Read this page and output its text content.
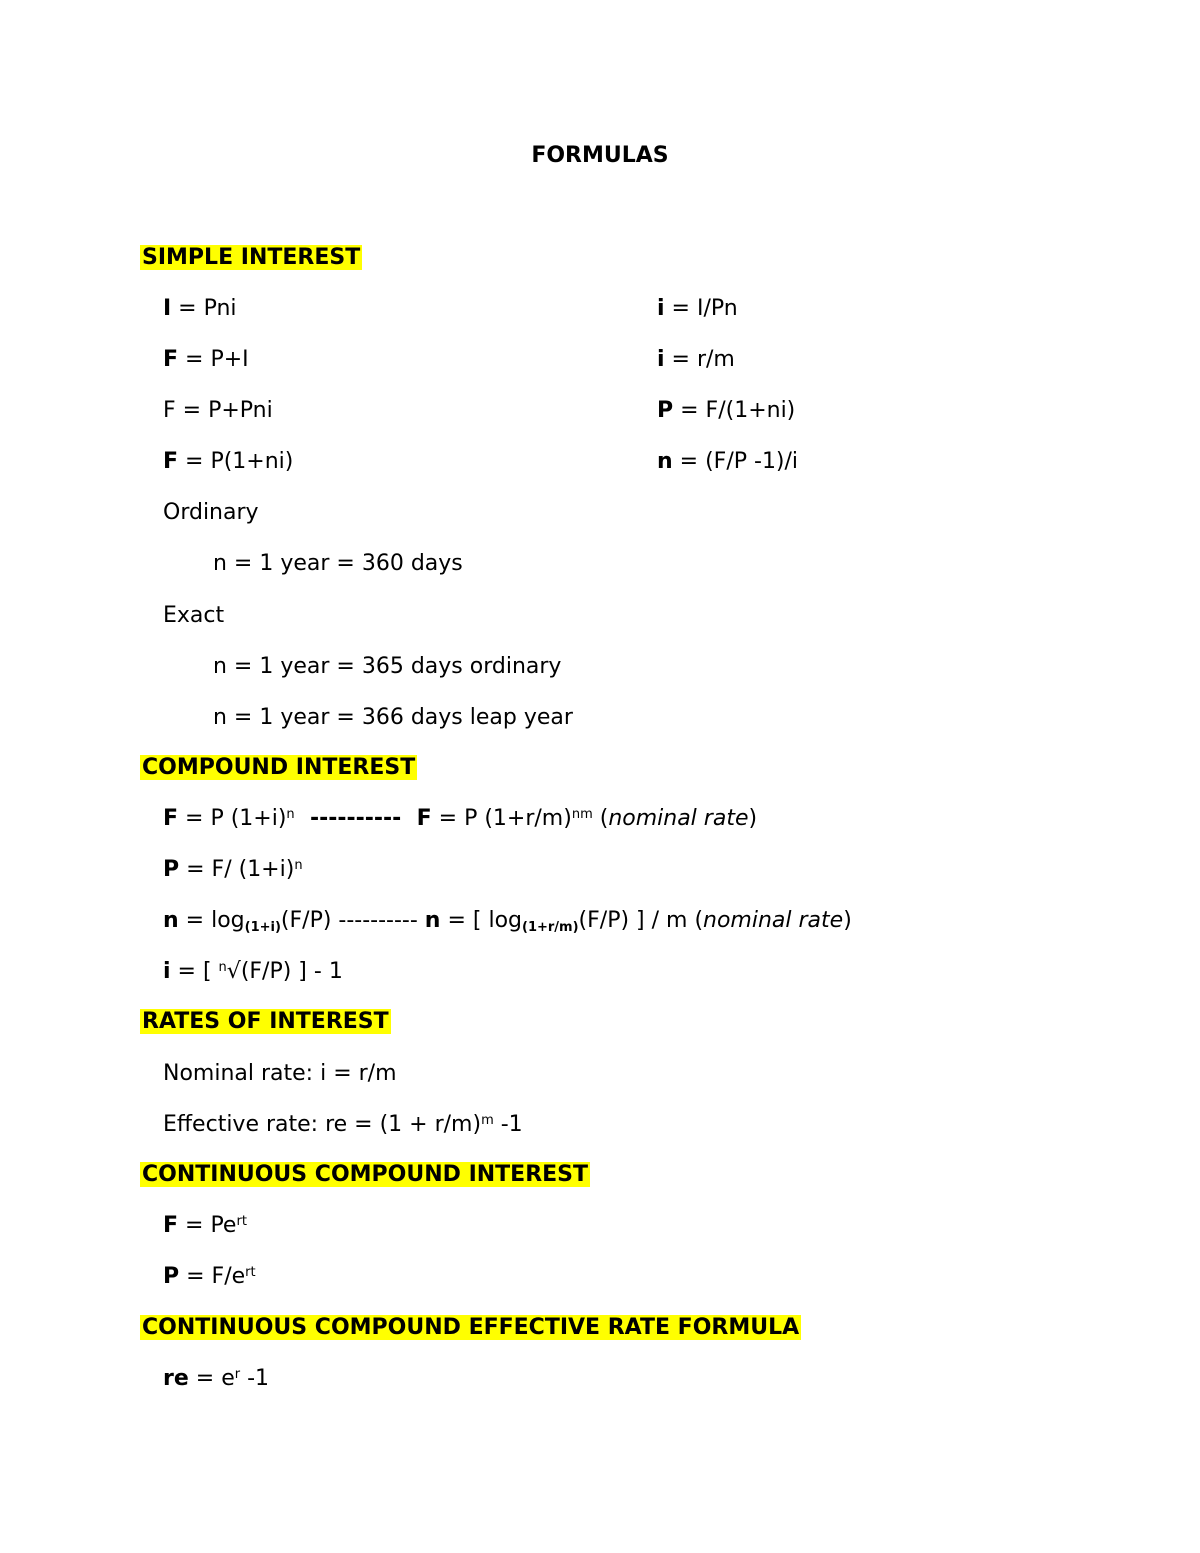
FORMULAS
SIMPLE INTEREST
I = Pni	i = I/Pn
F = P+I	i = r/m
F = P+Pni	P = F/(1+ni)
F = P(1+ni)	n = (F/P -1)/i
Ordinary
n = 1 year = 360 days
Exact
n = 1 year = 365 days ordinary
n = 1 year = 366 days leap year
COMPOUND INTEREST
F = P $(1+i)^n$  ----------  F = P $(1+r/m)^{nm}$ (nominal rate)
P = F/ $(1+i)^n$
$n = \log_{(1+i)}(F/P)$ ---------- n = [ $\log_{(1+r/m)}(F/P)$ ] / m (nominal rate)
i = [ $^n$√(F/P) ] - 1
RATES OF INTEREST
Nominal rate: i = r/m
Effective rate: re = $(1 + r/m)^m$ -1
CONTINUOUS COMPOUND INTEREST
$F = Pe^{rt}$
$P = F/e^{rt}$
CONTINUOUS COMPOUND EFFECTIVE RATE FORMULA
re = $e^r$ -1
